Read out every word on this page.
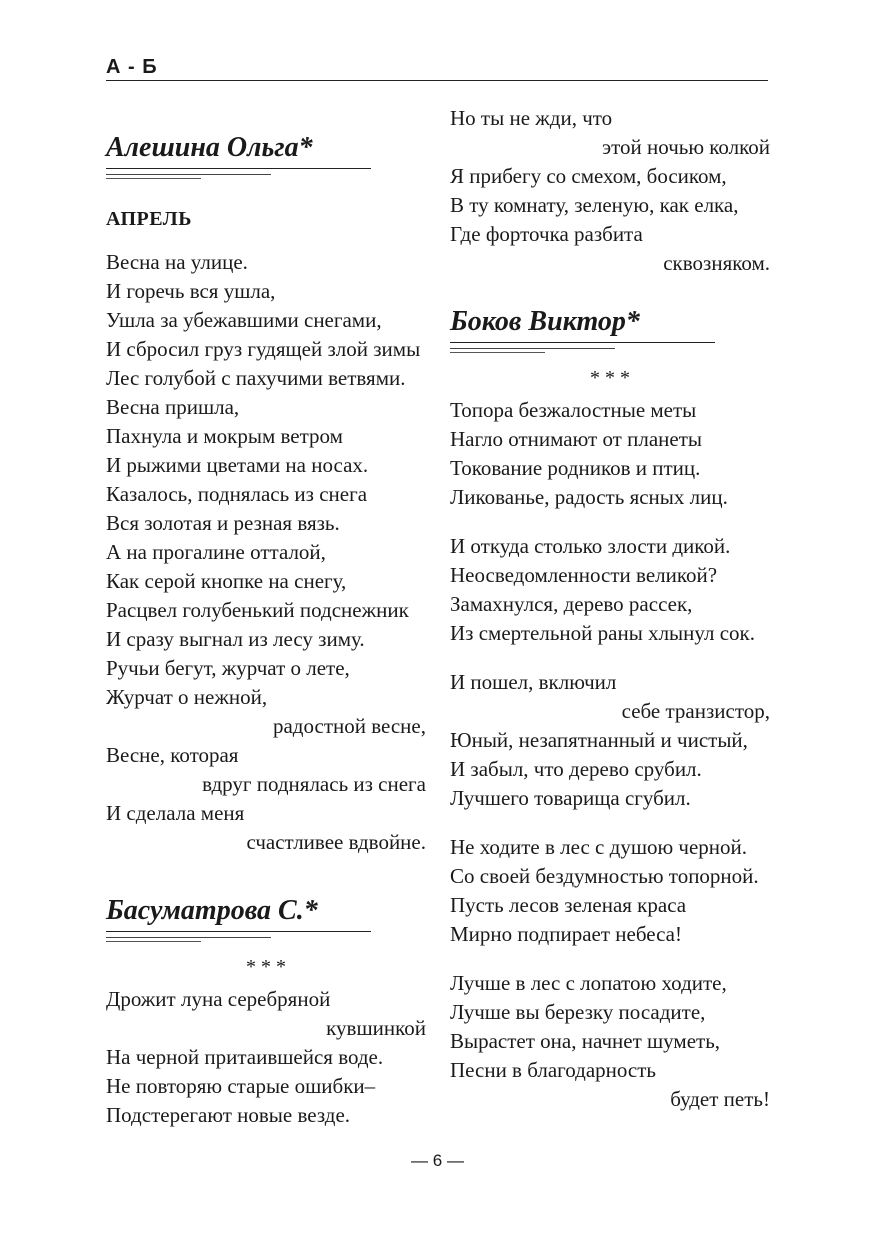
А - Б
Алешина Ольга*
АПРЕЛЬ
Весна на улице.
И горечь вся ушла,
Ушла за убежавшими снегами,
И сбросил груз гудящей злой зимы
Лес голубой с пахучими ветвями.
Весна пришла,
Пахнула и мокрым ветром
И рыжими цветами на носах.
Казалось, поднялась из снега
Вся золотая и резная вязь.
А на прогалине отталой,
Как серой кнопке на снегу,
Расцвел голубенький подснежник
И сразу выгнал из лесу зиму.
Ручьи бегут, журчат о лете,
Журчат о нежной,
радостной весне,
Весне, которая
вдруг поднялась из снега
И сделала меня
счастливее вдвойне.
Басуматрова С.*
* * *
Дрожит луна серебряной
кувшинкой
На черной притаившейся воде.
Не повторяю старые ошибки–
Подстерегают новые везде.
Но ты не жди, что
этой ночью колкой
Я прибегу со смехом, босиком,
В ту комнату, зеленую, как елка,
Где форточка разбита
сквозняком.
Боков Виктор*
* * *
Топора безжалостные меты
Нагло отнимают от планеты
Токование родников и птиц.
Ликованье, радость ясных лиц.
И откуда столько злости дикой.
Неосведомленности великой?
Замахнулся, дерево рассек,
Из смертельной раны хлынул сок.
И пошел, включил
себе транзистор,
Юный, незапятнанный и чистый,
И забыл, что дерево срубил.
Лучшего товарища сгубил.
Не ходите в лес с душою черной.
Со своей бездумностью топорной.
Пусть лесов зеленая краса
Мирно подпирает небеса!
Лучше в лес с лопатою ходите,
Лучше вы березку посадите,
Вырастет она, начнет шуметь,
Песни в благодарность
будет петь!
— 6 —
